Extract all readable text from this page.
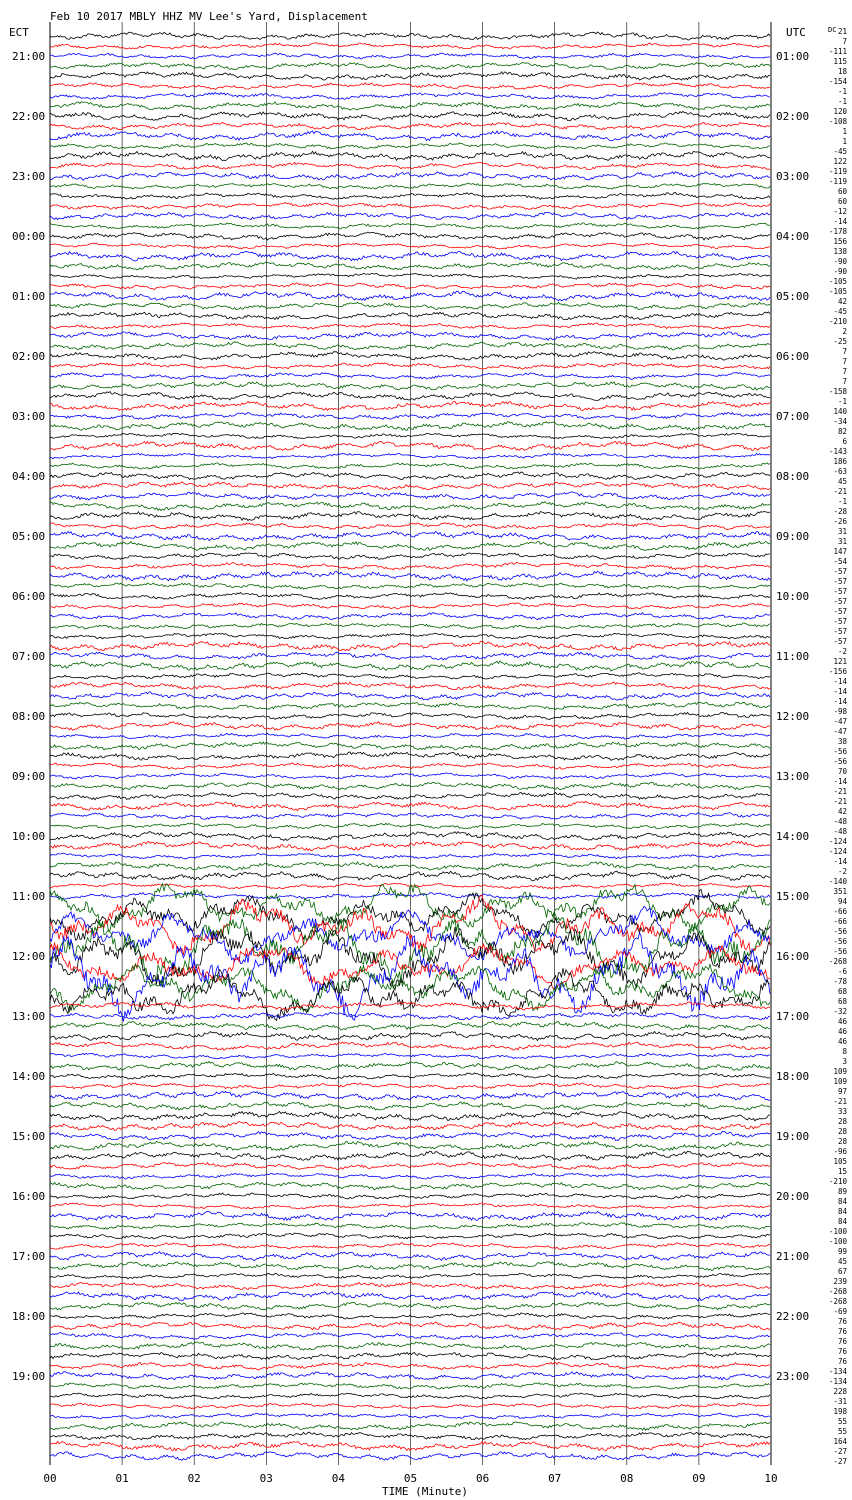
Feb 10 2017 MBLY HHZ MV Lee's Yard, Displacement
ECT	UTC	DC
21:00
22:00
23:00
00:00
01:00
02:00
03:00
04:00
05:00
06:00
07:00
08:00
09:00
10:00
11:00
12:00
13:00
14:00
15:00
16:00
17:00
18:00
19:00
01:00
02:00
03:00
04:00
05:00
06:00
07:00
08:00
09:00
10:00
11:00
12:00
13:00
14:00
15:00
16:00
17:00
18:00
19:00
20:00
21:00
22:00
23:00
21
7
-111
115
18
-154
-1
-1
120
-108
1
1
-45
122
-119
-119
60
60
-12
-14
-178
156
138
-90
-90
-105
-105
42
-45
-210
2
-25
7
7
7
7
-158
-1
140
-34
82
6
-143
186
-63
45
-21
-1
-28
-26
31
31
147
-54
-57
-57
-57
-57
-57
-57
-57
-57
-2
121
-156
-14
-14
-14
-98
-47
-47
38
-56
-56
70
-14
-21
-21
42
-48
-48
-124
-124
-14
-2
-140
351
94
-66
-66
-56
-56
-56
-268
-6
-78
68
68
-32
46
46
46
8
3
109
109
97
-21
33
28
28
28
-96
105
15
-210
89
84
84
84
-100
-100
99
45
67
239
-268
-268
-69
76
76
76
76
76
-134
-134
228
-31
198
55
55
164
-27
-27
00	01	02	03	04	05	06	07	08	09	10
TIME (Minute)
